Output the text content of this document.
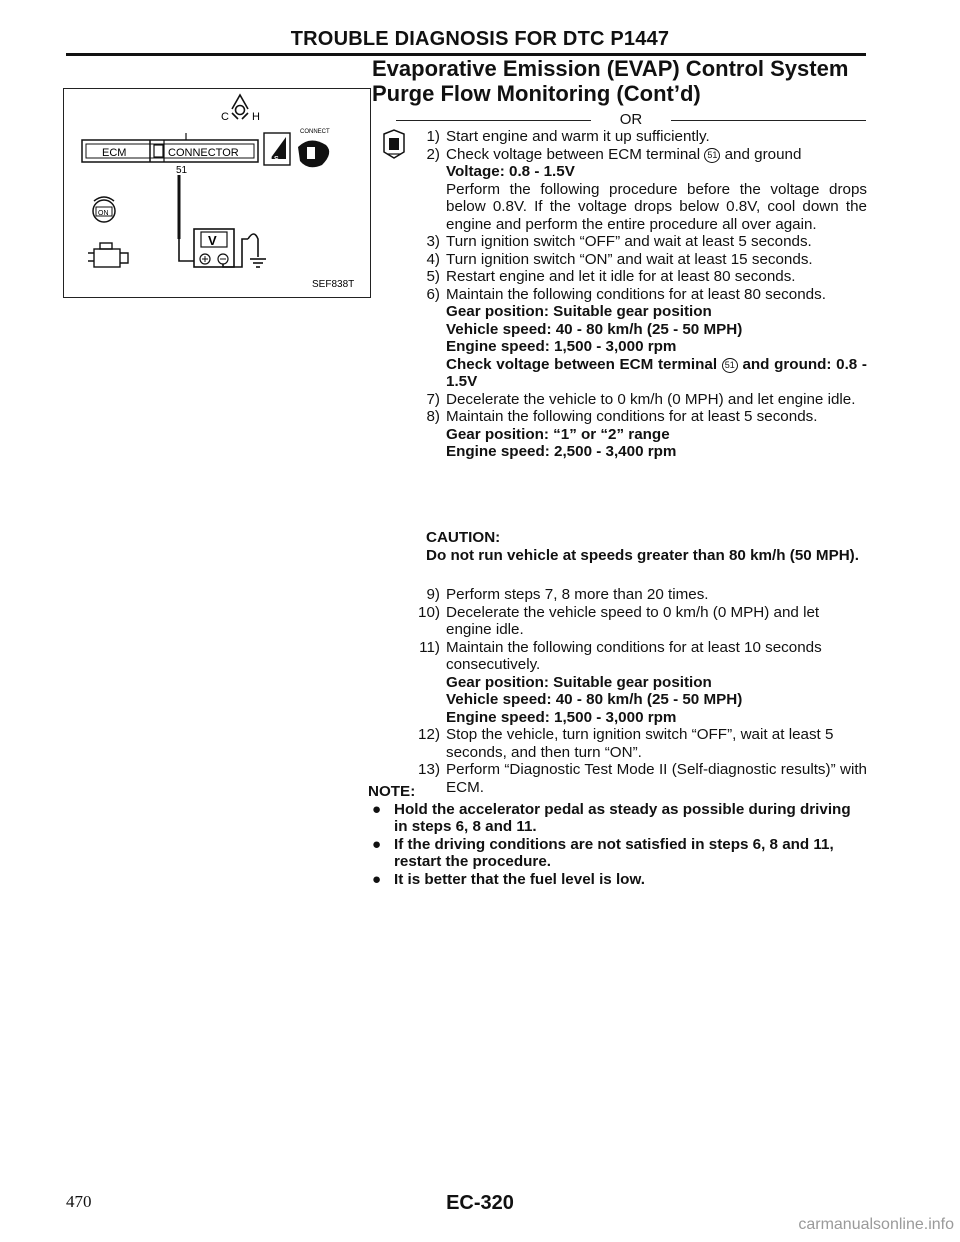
TROUBLE DIAGNOSIS FOR DTC P1447
Evaporative Emission (EVAP) Control System
Purge Flow Monitoring (Cont’d)
C H
ECM	CONNECTOR
51
H.S.
CONNECT
ON
V
SEF838T
OR
1) Start engine and warm it up sufficiently.
2) Check voltage between ECM terminal 51 and ground
Voltage: 0.8 - 1.5V
Perform the following procedure before the voltage drops below 0.8V. If the voltage drops below 0.8V, cool down the engine and perform the entire procedure all over again.
3) Turn ignition switch “OFF” and wait at least 5 seconds.
4) Turn ignition switch “ON” and wait at least 15 seconds.
5) Restart engine and let it idle for at least 80 seconds.
6) Maintain the following conditions for at least 80 seconds.
Gear position: Suitable gear position
Vehicle speed: 40 - 80 km/h (25 - 50 MPH)
Engine speed: 1,500 - 3,000 rpm
Check voltage between ECM terminal 51 and ground: 0.8 - 1.5V
7) Decelerate the vehicle to 0 km/h (0 MPH) and let engine idle.
8) Maintain the following conditions for at least 5 seconds.
Gear position: “1” or “2” range
Engine speed: 2,500 - 3,400 rpm
CAUTION:
Do not run vehicle at speeds greater than 80 km/h (50 MPH).
9) Perform steps 7, 8 more than 20 times.
10) Decelerate the vehicle speed to 0 km/h (0 MPH) and let engine idle.
11) Maintain the following conditions for at least 10 seconds consecutively.
Gear position: Suitable gear position
Vehicle speed: 40 - 80 km/h (25 - 50 MPH)
Engine speed: 1,500 - 3,000 rpm
12) Stop the vehicle, turn ignition switch “OFF”, wait at least 5 seconds, and then turn “ON”.
13) Perform “Diagnostic Test Mode II (Self-diagnostic results)” with ECM.
NOTE:
● Hold the accelerator pedal as steady as possible during driving in steps 6, 8 and 11.
● If the driving conditions are not satisfied in steps 6, 8 and 11, restart the procedure.
● It is better that the fuel level is low.
470	EC-320
carmanualsonline.info
